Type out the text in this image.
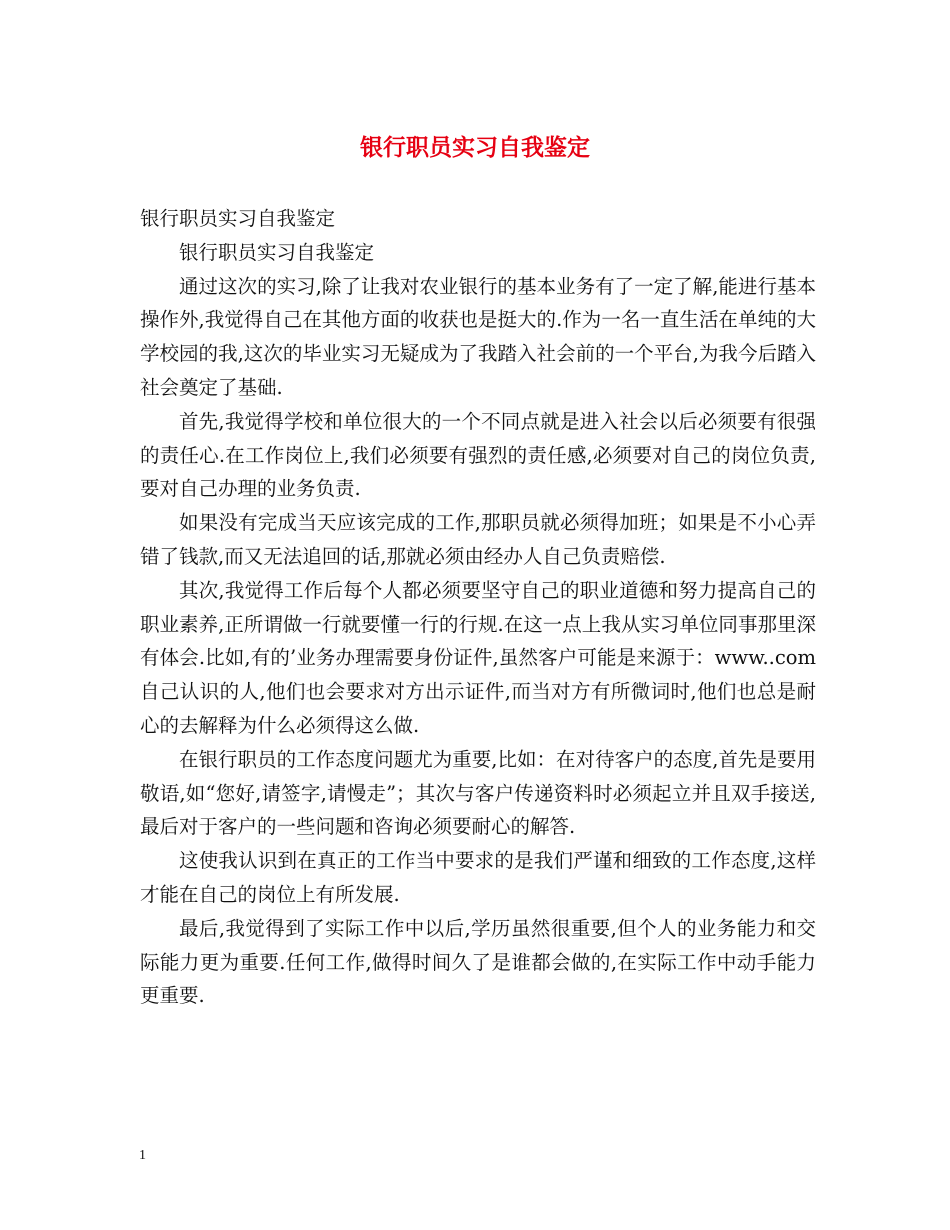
银行职员实习自我鉴定

银行职员实习自我鉴定

银行职员实习自我鉴定

通过这次的实习,除了让我对农业银行的基本业务有了一定了解,能进行基本操作外,我觉得自己在其他方面的收获也是挺大的.作为一名一直生活在单纯的大学校园的我,这次的毕业实习无疑成为了我踏入社会前的一个平台,为我今后踏入社会奠定了基础.

首先,我觉得学校和单位很大的一个不同点就是进入社会以后必须要有很强的责任心.在工作岗位上,我们必须要有强烈的责任感,必须要对自己的岗位负责,要对自己办理的业务负责.

如果没有完成当天应该完成的工作,那职员就必须得加班；如果是不小心弄错了钱款,而又无法追回的话,那就必须由经办人自己负责赔偿.

其次,我觉得工作后每个人都必须要坚守自己的职业道德和努力提高自己的职业素养,正所谓做一行就要懂一行的行规.在这一点上我从实习单位同事那里深有体会.比如,有的’业务办理需要身份证件,虽然客户可能是来源于：www..com自己认识的人,他们也会要求对方出示证件,而当对方有所微词时,他们也总是耐心的去解释为什么必须得这么做.

在银行职员的工作态度问题尤为重要,比如：在对待客户的态度,首先是要用敬语,如“您好,请签字,请慢走”；其次与客户传递资料时必须起立并且双手接送,最后对于客户的一些问题和咨询必须要耐心的解答.

这使我认识到在真正的工作当中要求的是我们严谨和细致的工作态度,这样才能在自己的岗位上有所发展.

最后,我觉得到了实际工作中以后,学历虽然很重要,但个人的业务能力和交际能力更为重要.任何工作,做得时间久了是谁都会做的,在实际工作中动手能力更重要.

1
